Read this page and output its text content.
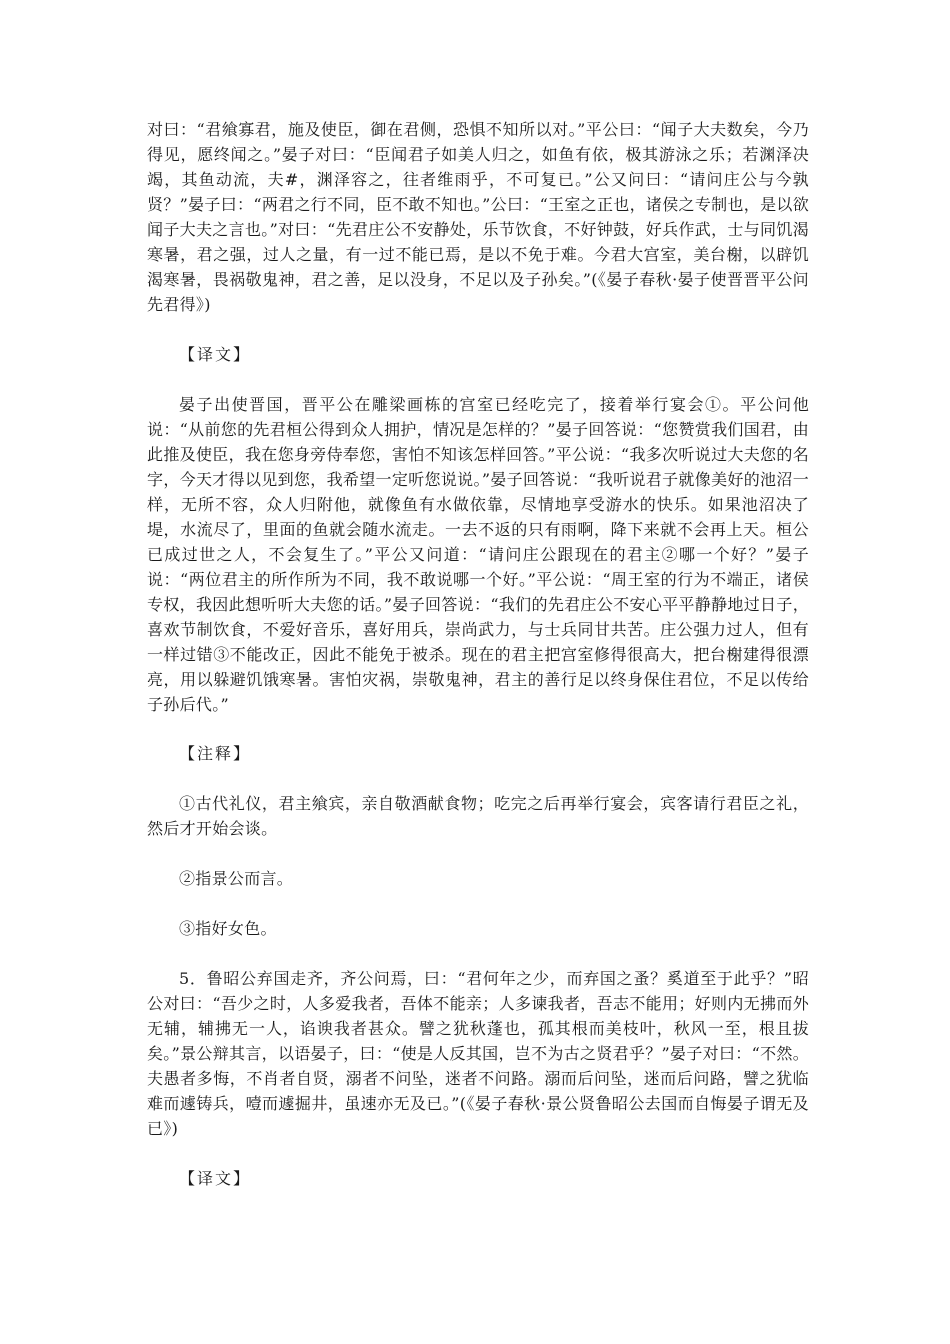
对曰：“君飨寡君，施及使臣，御在君侧，恐惧不知所以对。”平公曰：“闻子大夫数矣，今乃得见，愿终闻之。”晏子对曰：“臣闻君子如美人归之，如鱼有依，极其游泳之乐；若渊泽决竭，其鱼动流，夫#，渊泽容之，往者维雨乎，不可复已。”公又问曰：“请问庄公与今孰贤？”晏子曰：“两君之行不同，臣不敢不知也。”公曰：“王室之正也，诸侯之专制也，是以欲闻子大夫之言也。”对曰：“先君庄公不安静处，乐节饮食，不好钟鼓，好兵作武，士与同饥渴寒暑，君之强，过人之量，有一过不能已焉，是以不免于难。今君大宫室，美台榭，以辟饥渴寒暑，畏祸敬鬼神，君之善，足以没身，不足以及子孙矣。”(《晏子春秋·晏子使晋晋平公问先君得》)

【译文】

晏子出使晋国，晋平公在雕梁画栋的宫室已经吃完了，接着举行宴会①。平公问他说：“从前您的先君桓公得到众人拥护，情况是怎样的？”晏子回答说：“您赞赏我们国君，由此推及使臣，我在您身旁侍奉您，害怕不知该怎样回答。”平公说：“我多次听说过大夫您的名字，今天才得以见到您，我希望一定听您说说。”晏子回答说：“我听说君子就像美好的池沼一样，无所不容，众人归附他，就像鱼有水做依靠，尽情地享受游水的快乐。如果池沼决了堤，水流尽了，里面的鱼就会随水流走。一去不返的只有雨啊，降下来就不会再上天。桓公已成过世之人，不会复生了。”平公又问道：“请问庄公跟现在的君主②哪一个好？”晏子说：“两位君主的所作所为不同，我不敢说哪一个好。”平公说：“周王室的行为不端正，诸侯专权，我因此想听听大夫您的话。”晏子回答说：“我们的先君庄公不安心平平静静地过日子，喜欢节制饮食，不爱好音乐，喜好用兵，崇尚武力，与士兵同甘共苦。庄公强力过人，但有一样过错③不能改正，因此不能免于被杀。现在的君主把宫室修得很高大，把台榭建得很漂亮，用以躲避饥饿寒暑。害怕灾祸，崇敬鬼神，君主的善行足以终身保住君位，不足以传给子孙后代。”

【注释】

①古代礼仪，君主飨宾，亲自敬酒献食物；吃完之后再举行宴会，宾客请行君臣之礼，然后才开始会谈。

②指景公而言。

③指好女色。

5．鲁昭公弃国走齐，齐公问焉，曰：“君何年之少，而弃国之蚤？奚道至于此乎？”昭公对曰：“吾少之时，人多爱我者，吾体不能亲；人多谏我者，吾志不能用；好则内无拂而外无辅，辅拂无一人，谄谀我者甚众。譬之犹秋蓬也，孤其根而美枝叶，秋风一至，根且拔矣。”景公辩其言，以语晏子，曰：“使是人反其国，岂不为古之贤君乎？”晏子对曰：“不然。夫愚者多悔，不肖者自贤，溺者不问坠，迷者不问路。溺而后问坠，迷而后问路，譬之犹临难而遽铸兵，噎而遽掘井，虽速亦无及已。”(《晏子春秋·景公贤鲁昭公去国而自悔晏子谓无及已》)

【译文】
